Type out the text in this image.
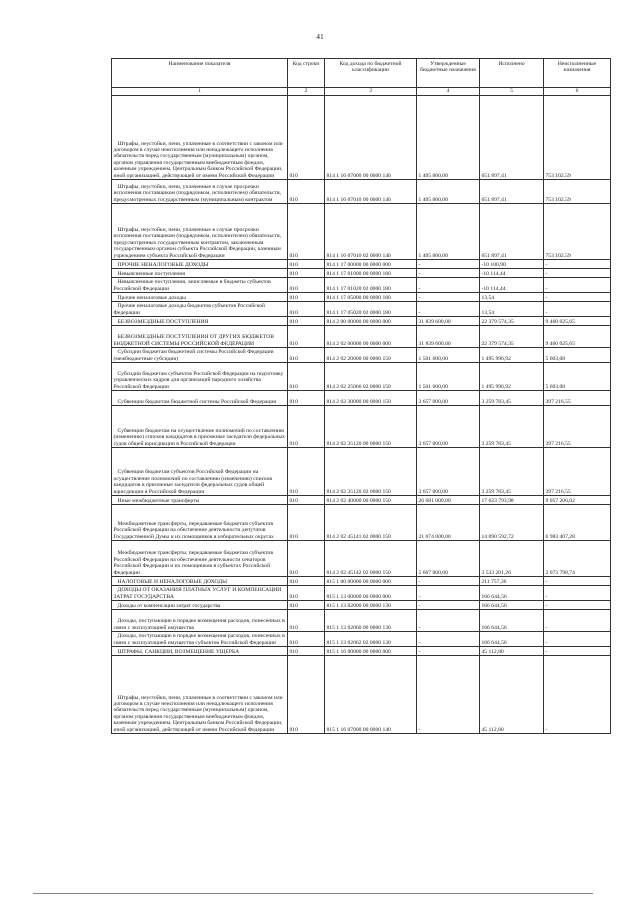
41
Наименование показателя	Код строки	Код дохода по бюджетной классификации	Утвержденные бюджетные назначения	Исполнено	Неисполненные назначения
1	2	3	4	5	6
Штрафы, неустойки, пени, уплаченные в соответствии с законом или договором в случае неисполнения или ненадлежащего исполнения обязательств перед государственным (муниципальным) органом, органом управления государственным внебюджетным фондом, казенным учреждением, Центральным банком Российской Федерации, иной организацией, действующей от имени Российской Федерации	010	814 1 16 07000 00 0000 140	1 405 000,00	651 897,41	753 102,59
Штрафы, неустойки, пени, уплаченные в случае просрочки исполнения поставщиком (подрядчиком, исполнителем) обязательств, предусмотренных государственным (муниципальным) контрактом	010	814 1 16 07010 00 0000 140	1 405 000,00	651 897,41	753 102,59
Штрафы, неустойки, пени, уплаченные в случае просрочки исполнения поставщиком (подрядчиком, исполнителем) обязательств, предусмотренных государственным контрактом, заключенным государственным органом субъекта Российской Федерации, казенным учреждением субъекта Российской Федерации	010	814 1 16 07010 02 0000 140	1 405 000,00	651 897,41	753 102,59
ПРОЧИЕ НЕНАЛОГОВЫЕ ДОХОДЫ	010	814 1 17 00000 00 0000 000	-	-10 100,90	-
Невыясненные поступления	010	814 1 17 01000 00 0000 180	-	-10 114,44	-
Невыясненные поступления, зачисляемые в бюджеты субъектов Российской Федерации	010	814 1 17 01020 02 0000 180	-	-10 114,44	-
Прочие неналоговые доходы	010	814 1 17 05000 00 0000 180	-	13,54	-
Прочие неналоговые доходы бюджетов субъектов Российской Федерации	010	814 1 17 05020 02 0000 180	-	13,54	-
БЕЗВОЗМЕЗДНЫЕ ПОСТУПЛЕНИЯ	010	814 2 00 00000 00 0000 000	31 839 600,00	22 379 574,35	9 460 025,65
БЕЗВОЗМЕЗДНЫЕ ПОСТУПЛЕНИЯ ОТ ДРУГИХ БЮДЖЕТОВ БЮДЖЕТНОЙ СИСТЕМЫ РОССИЙСКОЙ ФЕДЕРАЦИИ	010	814 2 02 00000 00 0000 000	31 839 600,00	22 379 574,35	9 460 025,65
Субсидии бюджетам бюджетной системы Российской Федерации (межбюджетные субсидии)	010	814 2 02 20000 00 0000 150	1 501 600,00	1 495 996,92	5 603,08
Субсидии бюджетам субъектов Российской Федерации на подготовку управленческих кадров для организаций народного хозяйства Российской Федерации	010	814 2 02 25066 02 0000 150	1 501 600,00	1 495 996,92	5 603,08
Субвенции бюджетам бюджетной системы Российской Федерации	010	814 2 02 30000 00 0000 150	3 657 000,00	3 259 783,45	397 216,55
Субвенции бюджетам на осуществление полномочий по составлению (изменению) списков кандидатов в присяжные заседатели федеральных судов общей юрисдикции в Российской Федерации	010	814 2 02 35120 00 0000 150	3 657 000,00	3 259 783,45	397 216,55
Субвенции бюджетам субъектов Российской Федерации на осуществление полномочий по составлению (изменению) списков кандидатов в присяжные заседатели федеральных судов общей юрисдикции в Российской Федерации	010	814 2 02 35120 02 0000 150	3 657 000,00	3 259 783,45	397 216,55
Иные межбюджетные трансферты	010	814 2 02 40000 00 0000 150	26 681 000,00	17 623 793,98	9 057 206,02
Межбюджетные трансферты, передаваемые бюджетам субъектов Российской Федерации на обеспечение деятельности депутатов Государственной Думы и их помощников в избирательных округах	010	814 2 02 45141 02 0000 150	21 074 000,00	14 090 592,72	6 983 407,28
Межбюджетные трансферты, передаваемые бюджетам субъектов Российской Федерации на обеспечение деятельности сенаторов Российской Федерации и их помощников в субъектах Российской Федерации	010	814 2 02 45142 02 0000 150	5 607 000,00	3 533 201,26	2 073 798,74
НАЛОГОВЫЕ И НЕНАЛОГОВЫЕ ДОХОДЫ	010	815 1 00 00000 00 0000 000	-	211 757,36	-
ДОХОДЫ ОТ ОКАЗАНИЯ ПЛАТНЫХ УСЛУГ И КОМПЕНСАЦИИ ЗАТРАТ ГОСУДАРСТВА	010	815 1 13 00000 00 0000 000	-	166 644,56	-
Доходы от компенсации затрат государства	010	815 1 13 02000 00 0000 130	-	166 644,56	-
Доходы, поступающие в порядке возмещения расходов, понесенных в связи с эксплуатацией имущества	010	815 1 13 02060 00 0000 130	-	166 644,56	-
Доходы, поступающие в порядке возмещения расходов, понесенных в связи с эксплуатацией имущества субъектов Российской Федерации	010	815 1 13 02062 02 0000 130	-	166 644,56	-
ШТРАФЫ, САНКЦИИ, ВОЗМЕЩЕНИЕ УЩЕРБА	010	815 1 16 00000 00 0000 000	-	45 112,80	-
Штрафы, неустойки, пени, уплаченные в соответствии с законом или договором в случае неисполнения или ненадлежащего исполнения обязательств перед государственным (муниципальным) органом, органом управления государственным внебюджетным фондом, казенным учреждением, Центральным банком Российской Федерации, иной организацией, действующей от имени Российской Федерации	010	815 1 16 07000 00 0000 140	-	45 112,80	-
